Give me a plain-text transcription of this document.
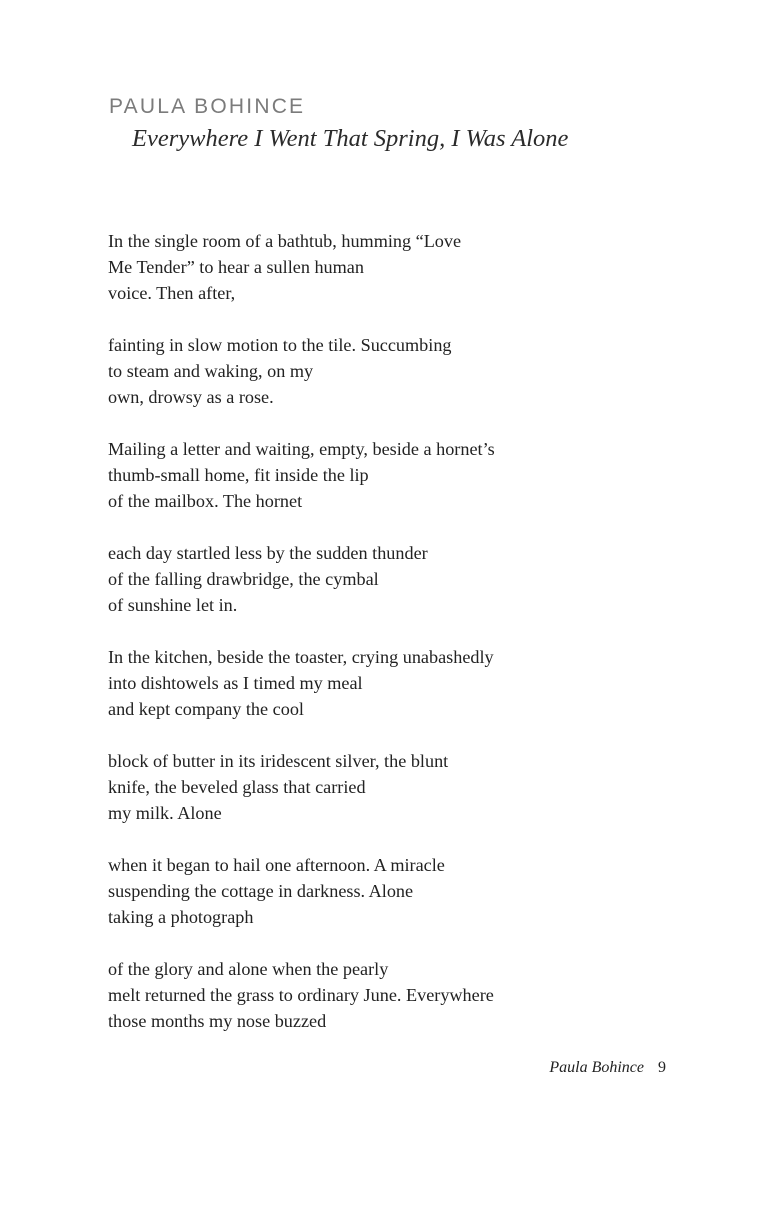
PAULA BOHINCE
Everywhere I Went That Spring, I Was Alone
In the single room of a bathtub, humming “Love
Me Tender” to hear a sullen human
voice. Then after,
fainting in slow motion to the tile. Succumbing
to steam and waking, on my
own, drowsy as a rose.
Mailing a letter and waiting, empty, beside a hornet’s
thumb-small home, fit inside the lip
of the mailbox. The hornet
each day startled less by the sudden thunder
of the falling drawbridge, the cymbal
of sunshine let in.
In the kitchen, beside the toaster, crying unabashedly
into dishtowels as I timed my meal
and kept company the cool
block of butter in its iridescent silver, the blunt
knife, the beveled glass that carried
my milk. Alone
when it began to hail one afternoon. A miracle
suspending the cottage in darkness. Alone
taking a photograph
of the glory and alone when the pearly
melt returned the grass to ordinary June. Everywhere
those months my nose buzzed
Paula Bohince 9
